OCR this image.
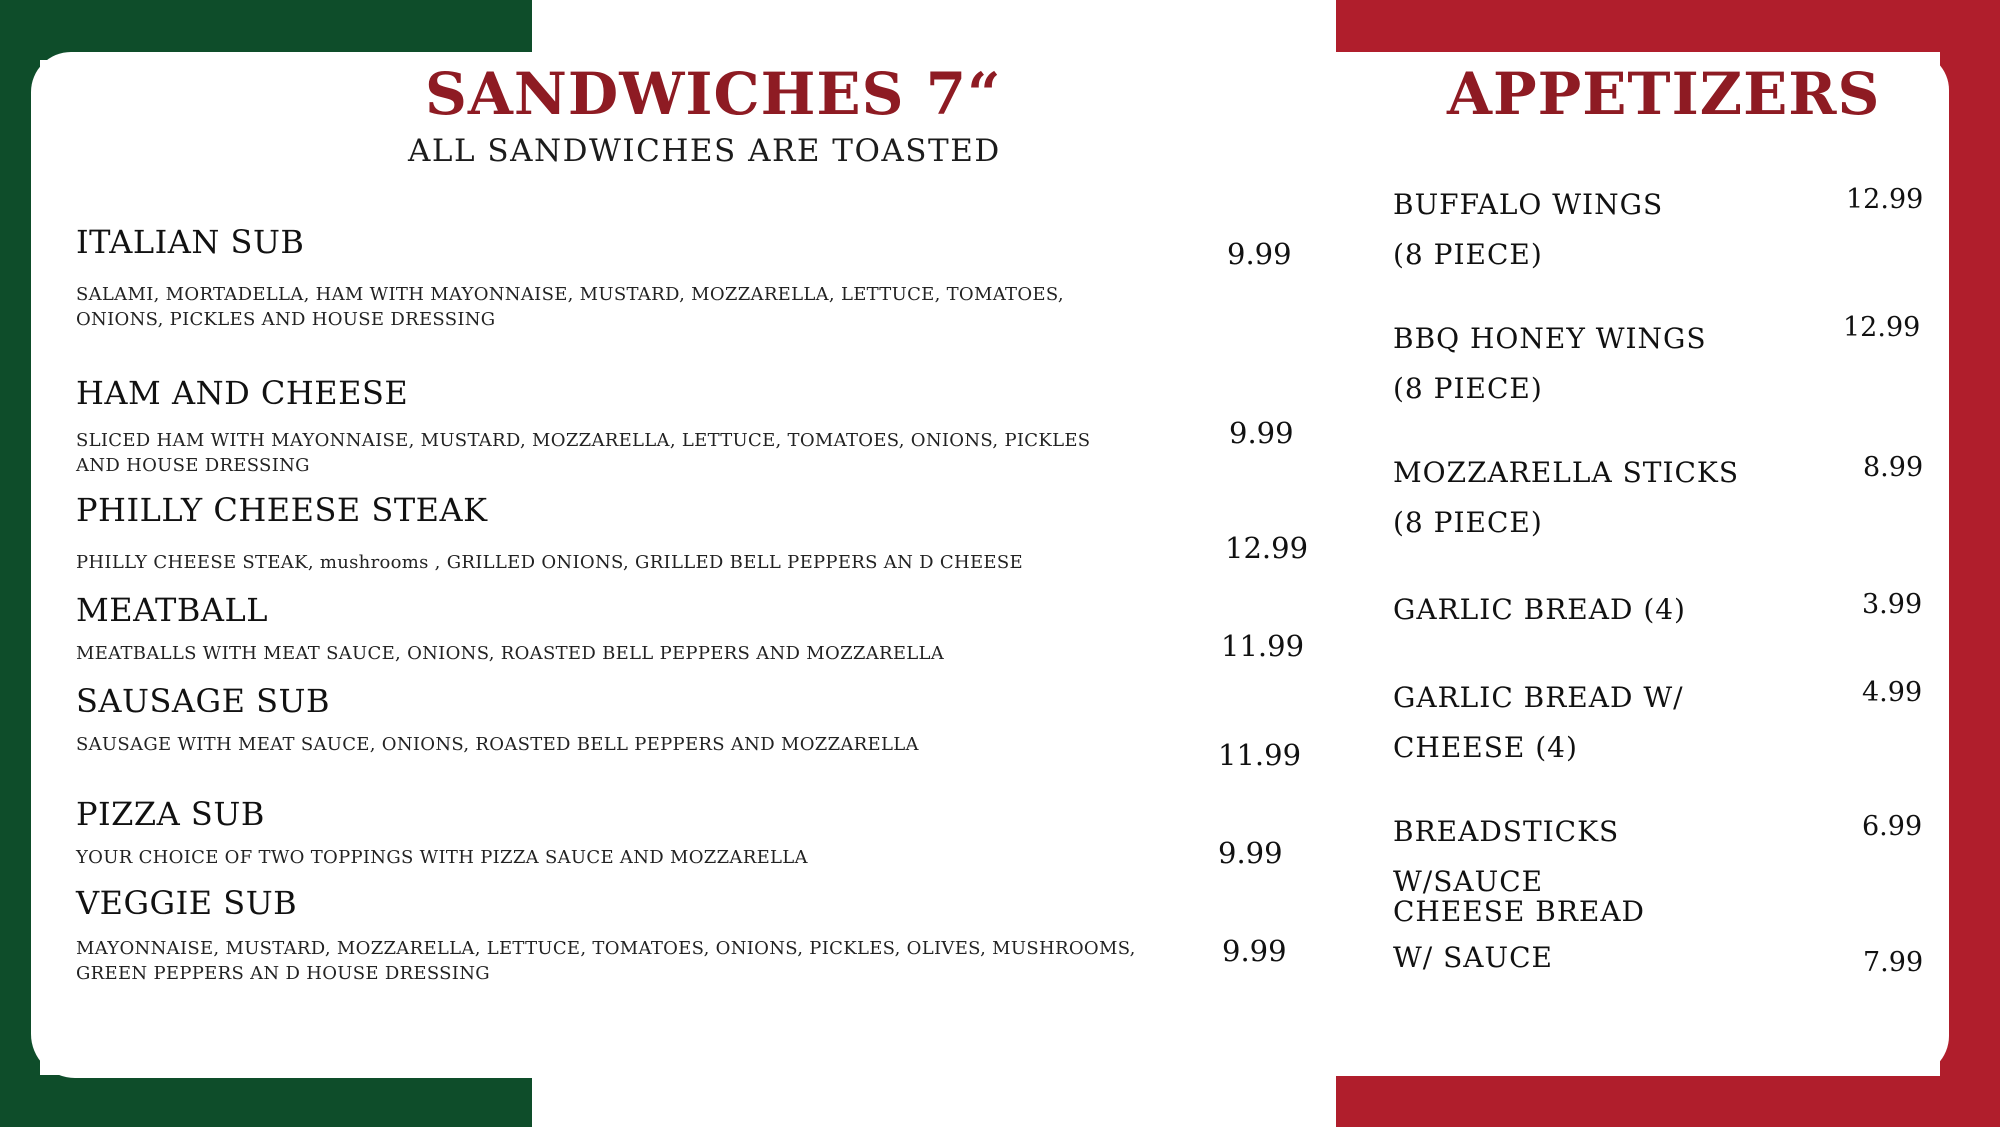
SANDWICHES 7“
ALL SANDWICHES ARE TOASTED
APPETIZERS
ITALIAN SUB
SALAMI, MORTADELLA, HAM WITH MAYONNAISE, MUSTARD, MOZZARELLA, LETTUCE, TOMATOES, ONIONS, PICKLES AND HOUSE DRESSING
9.99
HAM AND CHEESE
SLICED HAM WITH MAYONNAISE, MUSTARD, MOZZARELLA, LETTUCE, TOMATOES, ONIONS, PICKLES AND HOUSE DRESSING
9.99
PHILLY CHEESE STEAK
PHILLY CHEESE STEAK, mushrooms , GRILLED ONIONS, GRILLED BELL PEPPERS AN D CHEESE	12.99
MEATBALL
MEATBALLS WITH MEAT SAUCE, ONIONS, ROASTED BELL PEPPERS AND MOZZARELLA	11.99
SAUSAGE SUB
SAUSAGE WITH MEAT SAUCE, ONIONS, ROASTED BELL PEPPERS AND MOZZARELLA	11.99
PIZZA SUB
YOUR CHOICE OF TWO TOPPINGS WITH PIZZA SAUCE AND MOZZARELLA	9.99
VEGGIE SUB
MAYONNAISE, MUSTARD, MOZZARELLA, LETTUCE, TOMATOES, ONIONS, PICKLES, OLIVES, MUSHROOMS, GREEN PEPPERS AN D HOUSE DRESSING
9.99
BUFFALO WINGS
(8 PIECE)
12.99
BBQ HONEY WINGS
(8 PIECE)
12.99
MOZZARELLA STICKS
(8 PIECE)
8.99
GARLIC BREAD (4)	3.99
GARLIC BREAD W/
CHEESE (4)
4.99
BREADSTICKS W/SAUCE
6.99
CHEESE BREAD
W/ SAUCE	7.99
